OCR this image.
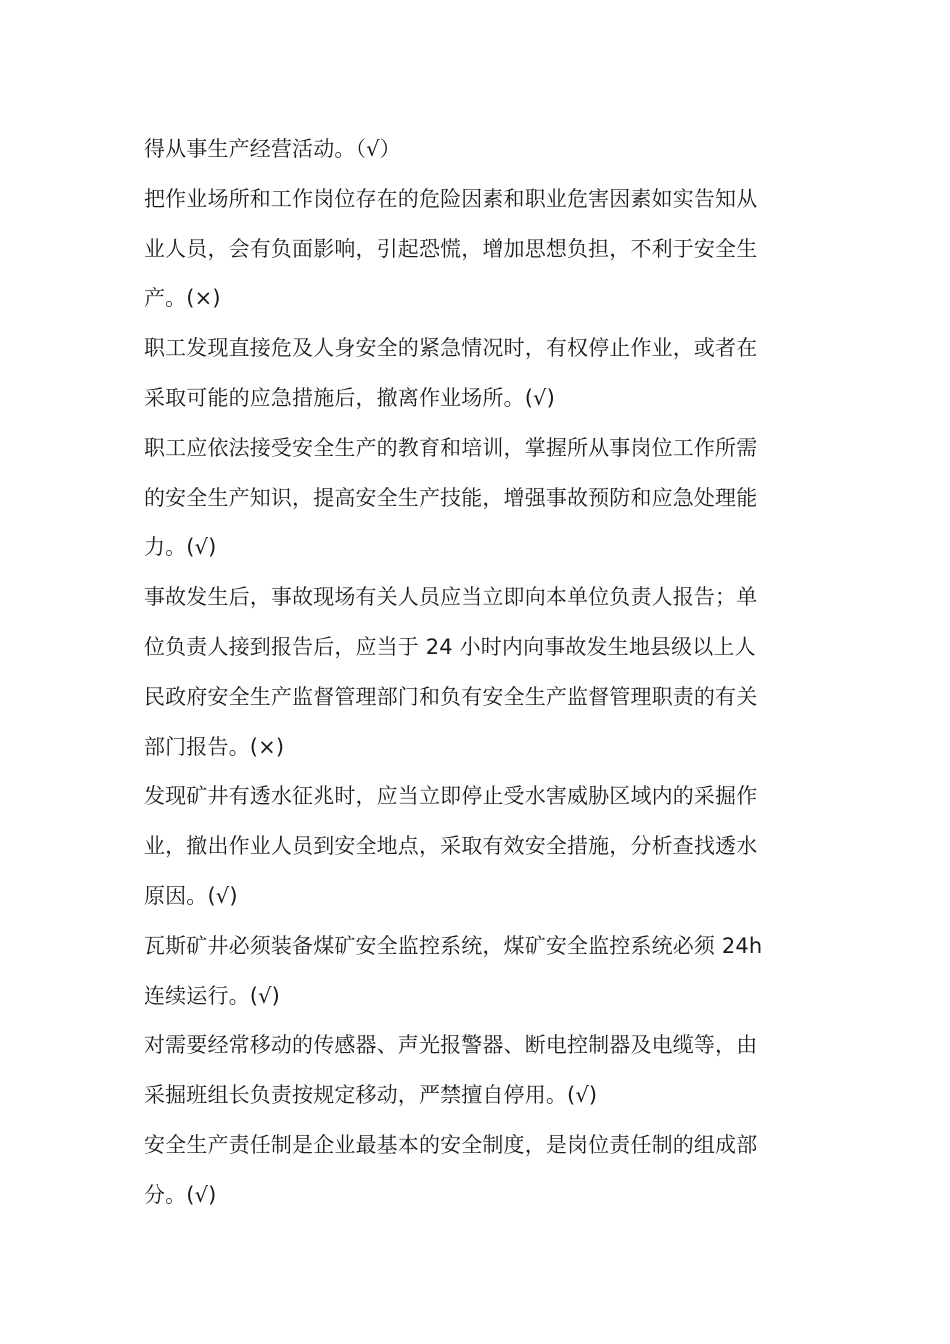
得从事生产经营活动。（√）
把作业场所和工作岗位存在的危险因素和职业危害因素如实告知从
业人员，会有负面影响，引起恐慌，增加思想负担，不利于安全生
产。(×)
职工发现直接危及人身安全的紧急情况时，有权停止作业，或者在
采取可能的应急措施后，撤离作业场所。(√)
职工应依法接受安全生产的教育和培训，掌握所从事岗位工作所需
的安全生产知识，提高安全生产技能，增强事故预防和应急处理能
力。(√)
事故发生后，事故现场有关人员应当立即向本单位负责人报告；单
位负责人接到报告后，应当于 24 小时内向事故发生地县级以上人
民政府安全生产监督管理部门和负有安全生产监督管理职责的有关
部门报告。(×)
发现矿井有透水征兆时，应当立即停止受水害威胁区域内的采掘作
业，撤出作业人员到安全地点，采取有效安全措施，分析查找透水
原因。(√)
瓦斯矿井必须装备煤矿安全监控系统，煤矿安全监控系统必须 24h
连续运行。(√)
对需要经常移动的传感器、声光报警器、断电控制器及电缆等，由
采掘班组长负责按规定移动，严禁擅自停用。(√)
安全生产责任制是企业最基本的安全制度，是岗位责任制的组成部
分。(√)
